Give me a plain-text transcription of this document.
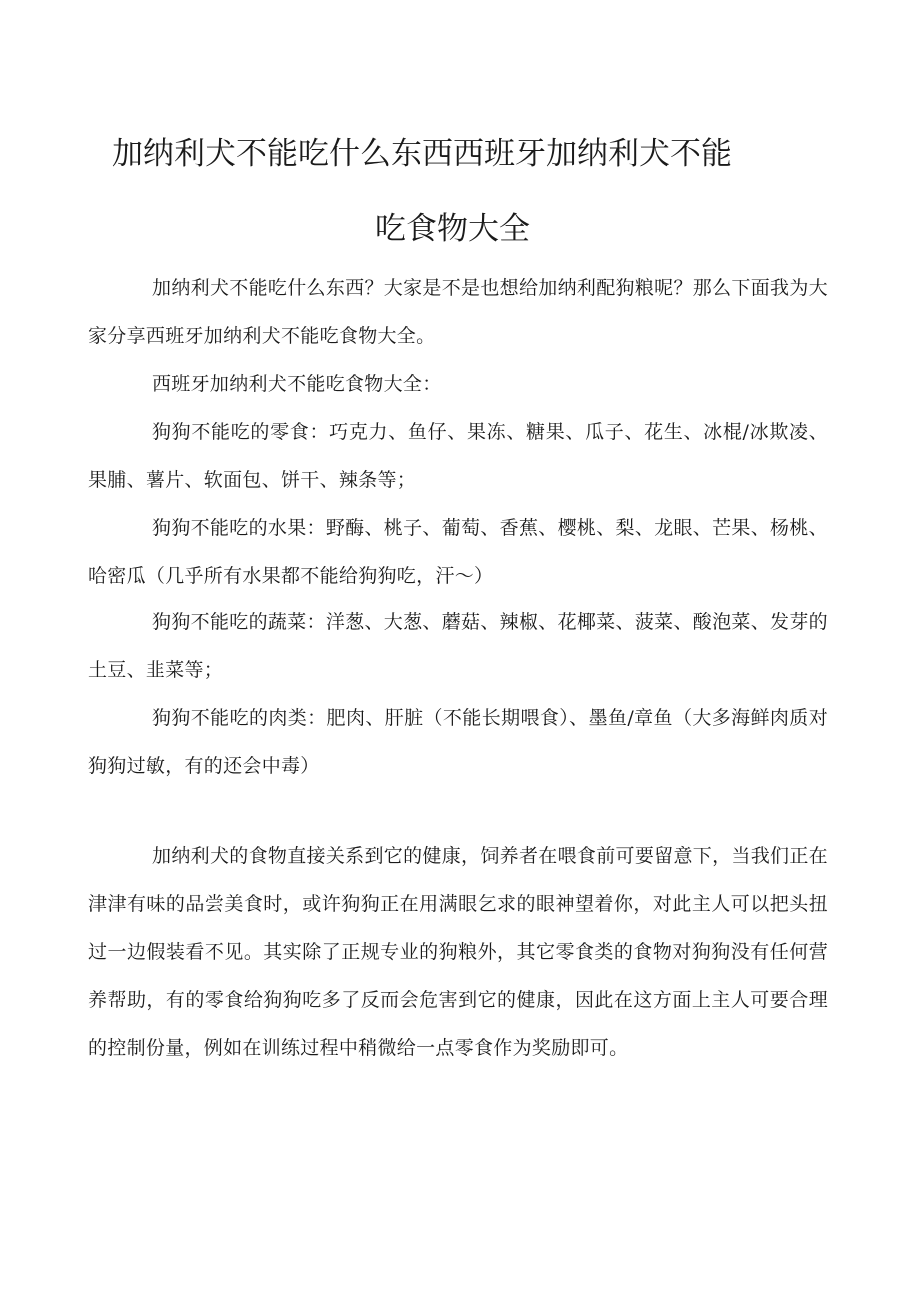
加纳利犬不能吃什么东西西班牙加纳利犬不能
吃食物大全

加纳利犬不能吃什么东西？大家是不是也想给加纳利配狗粮呢？那么下面我为大家分享西班牙加纳利犬不能吃食物大全。

西班牙加纳利犬不能吃食物大全：

狗狗不能吃的零食：巧克力、鱼仔、果冻、糖果、瓜子、花生、冰棍/冰欺凌、果脯、薯片、软面包、饼干、辣条等；

狗狗不能吃的水果：野酶、桃子、葡萄、香蕉、樱桃、梨、龙眼、芒果、杨桃、哈密瓜（几乎所有水果都不能给狗狗吃，汗～）

狗狗不能吃的蔬菜：洋葱、大葱、蘑菇、辣椒、花椰菜、菠菜、酸泡菜、发芽的土豆、韭菜等；

狗狗不能吃的肉类：肥肉、肝脏（不能长期喂食）、墨鱼/章鱼（大多海鲜肉质对狗狗过敏，有的还会中毒）

加纳利犬的食物直接关系到它的健康，饲养者在喂食前可要留意下，当我们正在津津有味的品尝美食时，或许狗狗正在用满眼乞求的眼神望着你，对此主人可以把头扭过一边假装看不见。其实除了正规专业的狗粮外，其它零食类的食物对狗狗没有任何营养帮助，有的零食给狗狗吃多了反而会危害到它的健康，因此在这方面上主人可要合理的控制份量，例如在训练过程中稍微给一点零食作为奖励即可。
